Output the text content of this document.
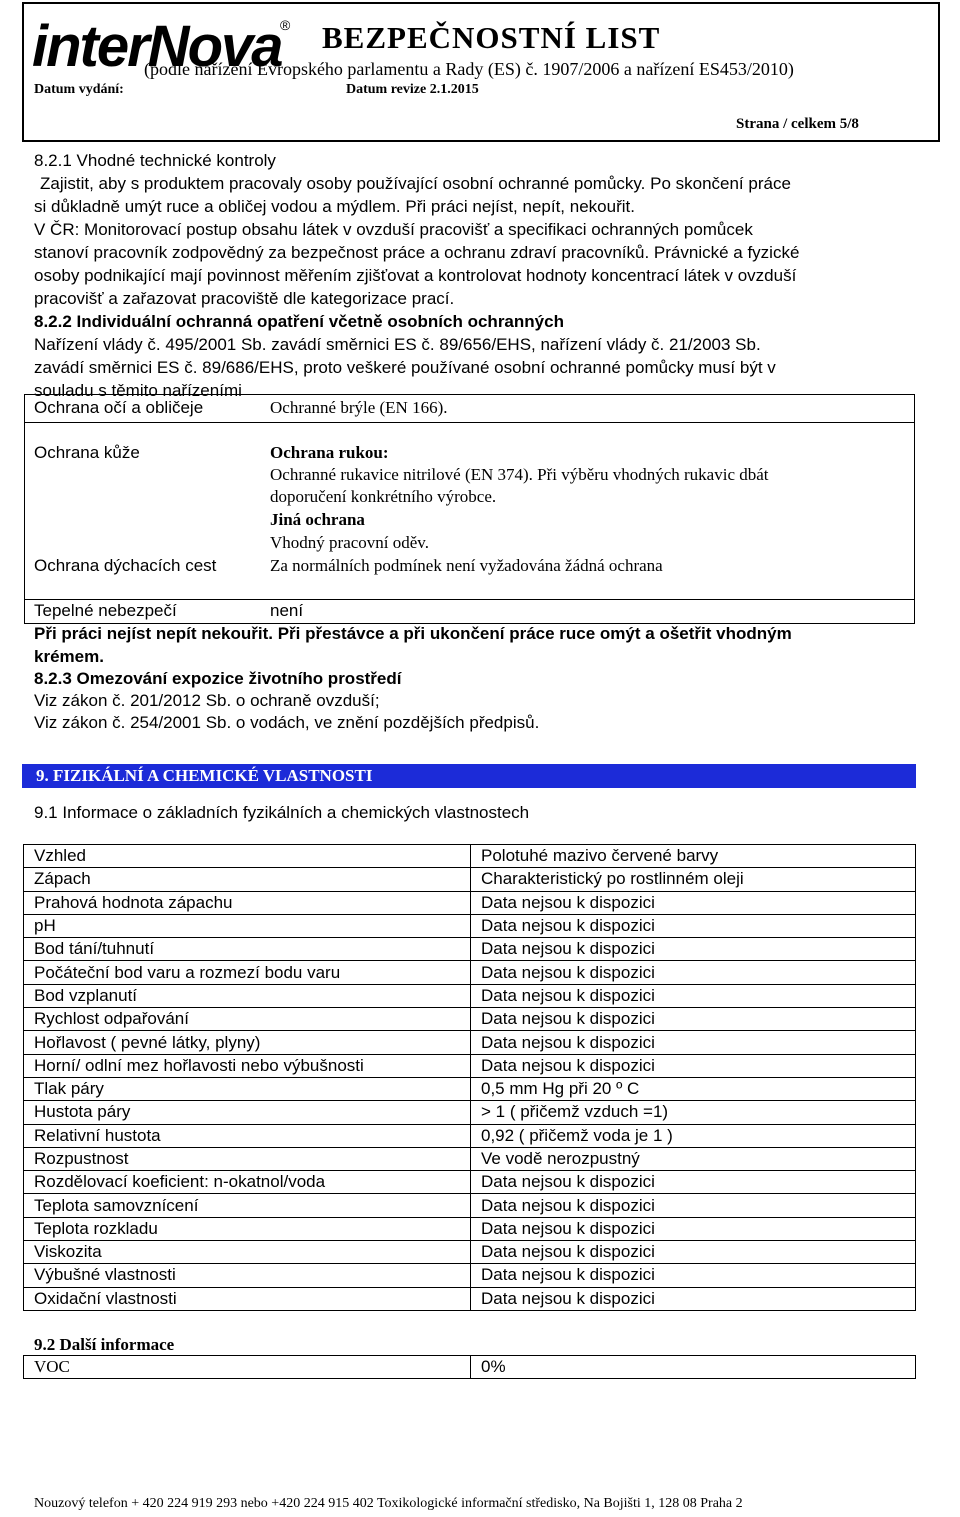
interNova
® BEZPEČNOSTNÍ LIST
(podle nařízení Evropského parlamentu a Rady (ES) č. 1907/2006 a nařízení ES453/2010)
Datum vydání:	Datum revize 2.1.2015
Strana / celkem 5/8
8.2.1 Vhodné technické kontroly
Zajistit, aby s produktem pracovaly osoby používající osobní ochranné pomůcky. Po skončení práce
si důkladně umýt ruce a obličej vodou a mýdlem. Při práci nejíst, nepít, nekouřit.
V ČR: Monitorovací postup obsahu látek v ovzduší pracovišť a specifikaci ochranných pomůcek
stanoví pracovník zodpovědný za bezpečnost práce a ochranu zdraví pracovníků. Právnické a fyzické
osoby podnikající mají povinnost měřením zjišťovat a kontrolovat hodnoty koncentrací látek v ovzduší
pracovišť a zařazovat pracoviště dle kategorizace prací.
8.2.2 Individuální ochranná opatření včetně osobních ochranných
Nařízení vlády č. 495/2001 Sb. zavádí směrnici ES č. 89/656/EHS, nařízení vlády č. 21/2003 Sb.
zavádí směrnici ES č. 89/686/EHS, proto veškeré používané osobní ochranné pomůcky musí být v
souladu s těmito nařízeními
Ochrana očí a obličeje	Ochranné brýle (EN 166).
Ochrana kůže	Ochrana rukou:
Ochranné rukavice nitrilové (EN 374). Při výběru vhodných rukavic dbát
doporučení konkrétního výrobce.
Jiná ochrana
Vhodný pracovní oděv.
Ochrana dýchacích cest	Za normálních podmínek není vyžadována žádná ochrana
Tepelné nebezpečí	není
Při práci nejíst nepít nekouřit. Při přestávce a při ukončení práce ruce omýt a ošetřit vhodným
krémem.
8.2.3 Omezování expozice životního prostředí
Viz zákon č. 201/2012 Sb. o ochraně ovzduší;
Viz zákon č. 254/2001 Sb. o vodách, ve znění pozdějších předpisů.
9. FIZIKÁLNÍ A CHEMICKÉ VLASTNOSTI
9.1 Informace o základních fyzikálních a chemických vlastnostech
Vzhled	Polotuhé mazivo červené barvy
Zápach	Charakteristický po rostlinném oleji
Prahová hodnota zápachu	Data nejsou k dispozici
pH	Data nejsou k dispozici
Bod tání/tuhnutí	Data nejsou k dispozici
Počáteční bod varu a rozmezí bodu varu	Data nejsou k dispozici
Bod vzplanutí	Data nejsou k dispozici
Rychlost odpařování	Data nejsou k dispozici
Hořlavost ( pevné látky, plyny)	Data nejsou k dispozici
Horní/ odlní mez hořlavosti nebo výbušnosti	Data nejsou k dispozici
Tlak páry	0,5 mm Hg při 20 º C
Hustota páry	> 1 ( přičemž vzduch =1)
Relativní hustota	0,92 ( přičemž voda je 1 )
Rozpustnost	Ve vodě nerozpustný
Rozdělovací koeficient: n-okatnol/voda	Data nejsou k dispozici
Teplota samovznícení	Data nejsou k dispozici
Teplota rozkladu	Data nejsou k dispozici
Viskozita	Data nejsou k dispozici
Výbušné vlastnosti	Data nejsou k dispozici
Oxidační vlastnosti	Data nejsou k dispozici
9.2 Další informace
VOC	0%
Nouzový telefon + 420 224 919 293 nebo +420 224 915 402 Toxikologické informační středisko, Na Bojišti 1, 128 08 Praha 2
